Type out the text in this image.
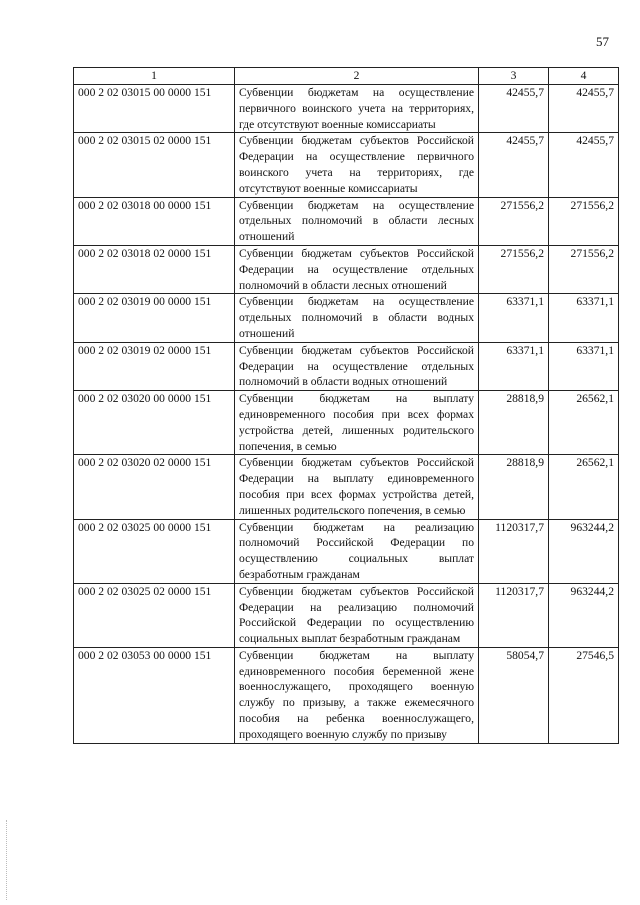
57
1	2	3	4
000 2 02 03015 00 0000 151	Субвенции бюджетам на осуществление первичного воинского учета на территориях, где отсутствуют военные комиссариаты	42455,7	42455,7
000 2 02 03015 02 0000 151	Субвенции бюджетам субъектов Российской Федерации на осуществление первичного воинского учета на территориях, где отсутствуют военные комиссариаты	42455,7	42455,7
000 2 02 03018 00 0000 151	Субвенции бюджетам на осуществление отдельных полномочий в области лесных отношений	271556,2	271556,2
000 2 02 03018 02 0000 151	Субвенции бюджетам субъектов Российской Федерации на осуществление отдельных полномочий в области лесных отношений	271556,2	271556,2
000 2 02 03019 00 0000 151	Субвенции бюджетам на осуществление отдельных полномочий в области водных отношений	63371,1	63371,1
000 2 02 03019 02 0000 151	Субвенции бюджетам субъектов Российской Федерации на осуществление отдельных полномочий в области водных отношений	63371,1	63371,1
000 2 02 03020 00 0000 151	Субвенции бюджетам на выплату единовременного пособия при всех формах устройства детей, лишенных родительского попечения, в семью	28818,9	26562,1
000 2 02 03020 02 0000 151	Субвенции бюджетам субъектов Российской Федерации на выплату единовременного пособия при всех формах устройства детей, лишенных родительского попечения, в семью	28818,9	26562,1
000 2 02 03025 00 0000 151	Субвенции бюджетам на реализацию полномочий Российской Федерации по осуществлению социальных выплат безработным гражданам	1120317,7	963244,2
000 2 02 03025 02 0000 151	Субвенции бюджетам субъектов Российской Федерации на реализацию полномочий Российской Федерации по осуществлению социальных выплат безработным гражданам	1120317,7	963244,2
000 2 02 03053 00 0000 151	Субвенции бюджетам на выплату единовременного пособия беременной жене военнослужащего, проходящего военную службу по призыву, а также ежемесячного пособия на ребенка военнослужащего, проходящего военную службу по призыву	58054,7	27546,5
